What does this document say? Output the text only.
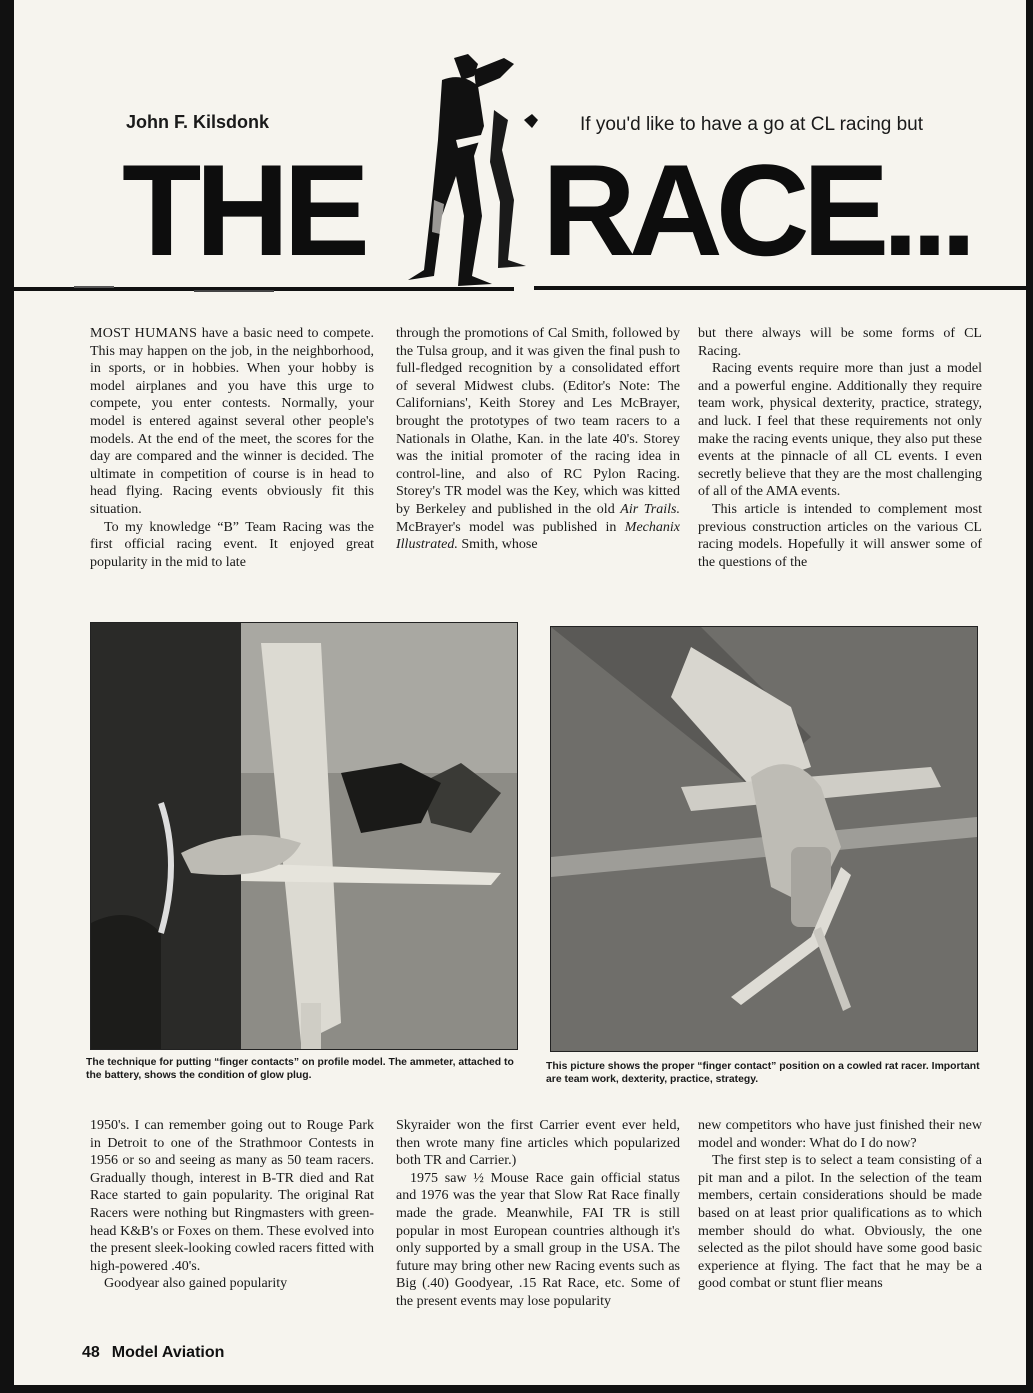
John F. Kilsdonk	If you'd like to have a go at CL racing but
THE RACE...

MOST HUMANS have a basic need to compete. This may happen on the job, in the neighborhood, in sports, or in hobbies. When your hobby is model airplanes and you have this urge to compete, you enter contests. Normally, your model is entered against several other people's models. At the end of the meet, the scores for the day are compared and the winner is decided. The ultimate in competition of course is in head to head flying. Racing events obviously fit this situation.

To my knowledge “B” Team Racing was the first official racing event. It enjoyed great popularity in the mid to late

through the promotions of Cal Smith, followed by the Tulsa group, and it was given the final push to full-fledged recognition by a consolidated effort of several Midwest clubs. (Editor's Note: The Californians', Keith Storey and Les McBrayer, brought the prototypes of two team racers to a Nationals in Olathe, Kan. in the late 40's. Storey was the initial promoter of the racing idea in control-line, and also of RC Pylon Racing. Storey's TR model was the Key, which was kitted by Berkeley and published in the old Air Trails. McBrayer's model was published in Mechanix Illustrated. Smith, whose

but there always will be some forms of CL Racing.

Racing events require more than just a model and a powerful engine. Additionally they require team work, physical dexterity, practice, strategy, and luck. I feel that these requirements not only make the racing events unique, they also put these events at the pinnacle of all CL events. I even secretly believe that they are the most challenging of all of the AMA events.

This article is intended to complement most previous construction articles on the various CL racing models. Hopefully it will answer some of the questions of the

The technique for putting “finger contacts” on profile model. The ammeter, attached to the battery, shows the condition of glow plug.
This picture shows the proper “finger contact” position on a cowled rat racer. Important are team work, dexterity, practice, strategy.

1950's. I can remember going out to Rouge Park in Detroit to one of the Strathmoor Contests in 1956 or so and seeing as many as 50 team racers. Gradually though, interest in B-TR died and Rat Race started to gain popularity. The original Rat Racers were nothing but Ringmasters with green-head K&B's or Foxes on them. These evolved into the present sleek-looking cowled racers fitted with high-powered .40's.

Goodyear also gained popularity

Skyraider won the first Carrier event ever held, then wrote many fine articles which popularized both TR and Carrier.)

1975 saw ½ Mouse Race gain official status and 1976 was the year that Slow Rat Race finally made the grade. Meanwhile, FAI TR is still popular in most European countries although it's only supported by a small group in the USA. The future may bring other new Racing events such as Big (.40) Goodyear, .15 Rat Race, etc. Some of the present events may lose popularity

new competitors who have just finished their new model and wonder: What do I do now?

The first step is to select a team consisting of a pit man and a pilot. In the selection of the team members, certain considerations should be made based on at least prior qualifications as to which member should do what. Obviously, the one selected as the pilot should have some good basic experience at flying. The fact that he may be a good combat or stunt flier means

48 Model Aviation
